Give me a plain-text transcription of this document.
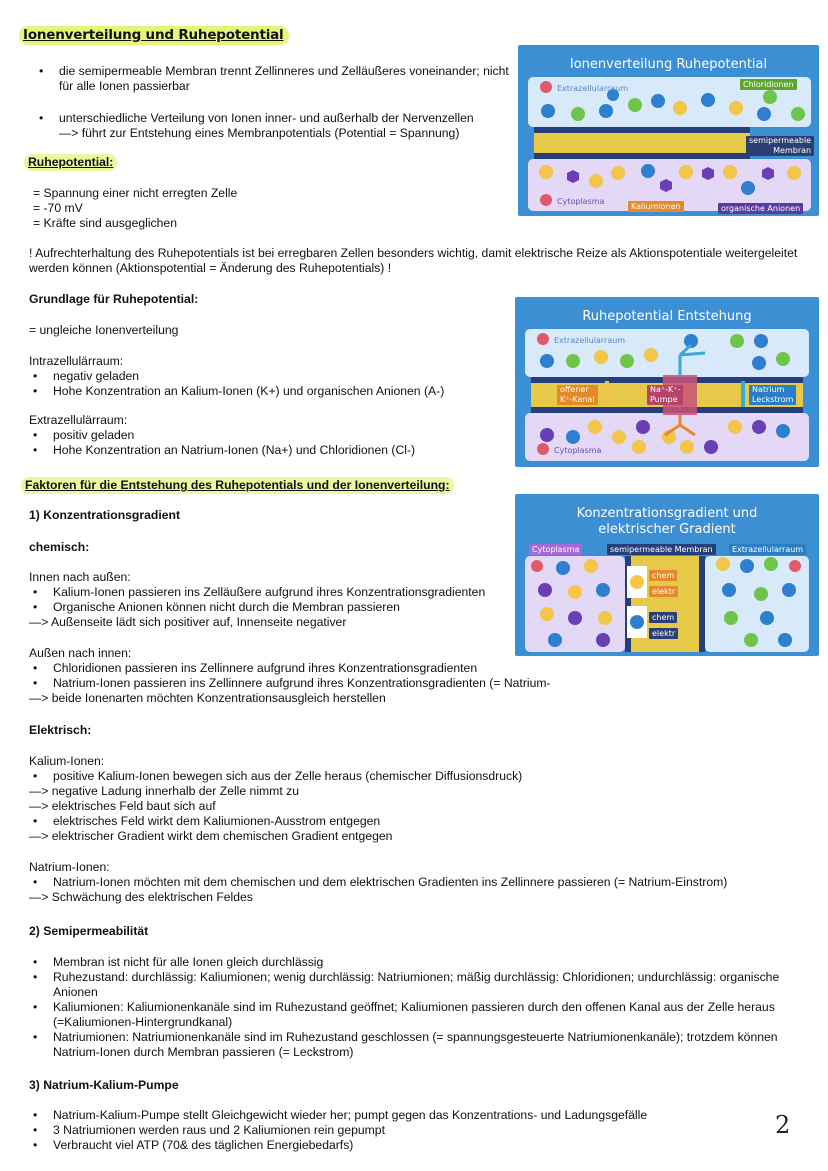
Ionenverteilung und Ruhepotential
• die semipermeable Membran trennt Zellinneres und Zelläußeres voneinander; nicht für alle Ionen passierbar
• unterschiedliche Verteilung von Ionen inner- und außerhalb der Nervenzellen
—> führt zur Entstehung eines Membranpotentials (Potential = Spannung)
Ruhepotential:
= Spannung einer nicht erregten Zelle
= -70 mV
= Kräfte sind ausgeglichen
! Aufrechterhaltung des Ruhepotentials ist bei erregbaren Zellen besonders wichtig, damit elektrische Reize als Aktionspotentiale weitergeleitet werden können (Aktionspotential = Änderung des Ruhepotentials) !
Grundlage für Ruhepotential:
= ungleiche Ionenverteilung
Intrazellulärraum:
• negativ geladen
• Hohe Konzentration an Kalium-Ionen (K+) und organischen Anionen (A-)
Extrazellulärraum:
• positiv geladen
• Hohe Konzentration an Natrium-Ionen (Na+) und Chloridionen (Cl-)
Faktoren für die Entstehung des Ruhepotentials und der Ionenverteilung:
1) Konzentrationsgradient
chemisch:
Innen nach außen:
• Kalium-Ionen passieren ins Zelläußere aufgrund ihres Konzentrationsgradienten
• Organische Anionen können nicht durch die Membran passieren
—> Außenseite lädt sich positiver auf, Innenseite negativer
Außen nach innen:
• Chloridionen passieren ins Zellinnere aufgrund ihres Konzentrationsgradienten
• Natrium-Ionen passieren ins Zellinnere aufgrund ihres Konzentrationsgradienten (= Natrium-
—> beide Ionenarten möchten Konzentrationsausgleich herstellen
Elektrisch:
Kalium-Ionen:
• positive Kalium-Ionen bewegen sich aus der Zelle heraus (chemischer Diffusionsdruck)
—> negative Ladung innerhalb der Zelle nimmt zu
—> elektrisches Feld baut sich auf
• elektrisches Feld wirkt dem Kaliumionen-Ausstrom entgegen
—> elektrischer Gradient wirkt dem chemischen Gradient entgegen
Natrium-Ionen:
• Natrium-Ionen möchten mit dem chemischen und dem elektrischen Gradienten ins Zellinnere passieren (= Natrium-Einstrom)
—> Schwächung des elektrischen Feldes
2) Semipermeabilität
• Membran ist nicht für alle Ionen gleich durchlässig
• Ruhezustand: durchlässig: Kaliumionen; wenig durchlässig: Natriumionen; mäßig durchlässig: Chloridionen; undurchlässig: organische Anionen
• Kaliumionen: Kaliumionenkanäle sind im Ruhezustand geöffnet; Kaliumionen passieren durch den offenen Kanal aus der Zelle heraus (=Kaliumionen-Hintergrundkanal)
• Natriumionen: Natriumionenkanäle sind im Ruhezustand geschlossen (= spannungsgesteuerte Natriumionenkanäle); trotzdem können Natrium-Ionen durch Membran passieren (= Leckstrom)
3) Natrium-Kalium-Pumpe
• Natrium-Kalium-Pumpe stellt Gleichgewicht wieder her; pumpt gegen das Konzentrations- und Ladungsgefälle
• 3 Natriumionen werden raus und 2 Kaliumionen rein gepumpt
• Verbraucht viel ATP (70& des täglichen Energiebedarfs)
2
Ionenverteilung Ruhepotential
Extrazellularraum	Chloridionen
semipermeable
Membran
Cytoplasma
Kaliumionen	organische Anionen
Ruhepotential Entstehung
Extrazellularraum
offener
K⁺-Kanal
Na⁺-K⁺-
Pumpe
Natrium
Leckstrom
Cytoplasma
Konzentrationsgradient und
elektrischer Gradient
Cytoplasma	semipermeable Membran	Extrazellularraum
chem
elektr
chem
elektr
